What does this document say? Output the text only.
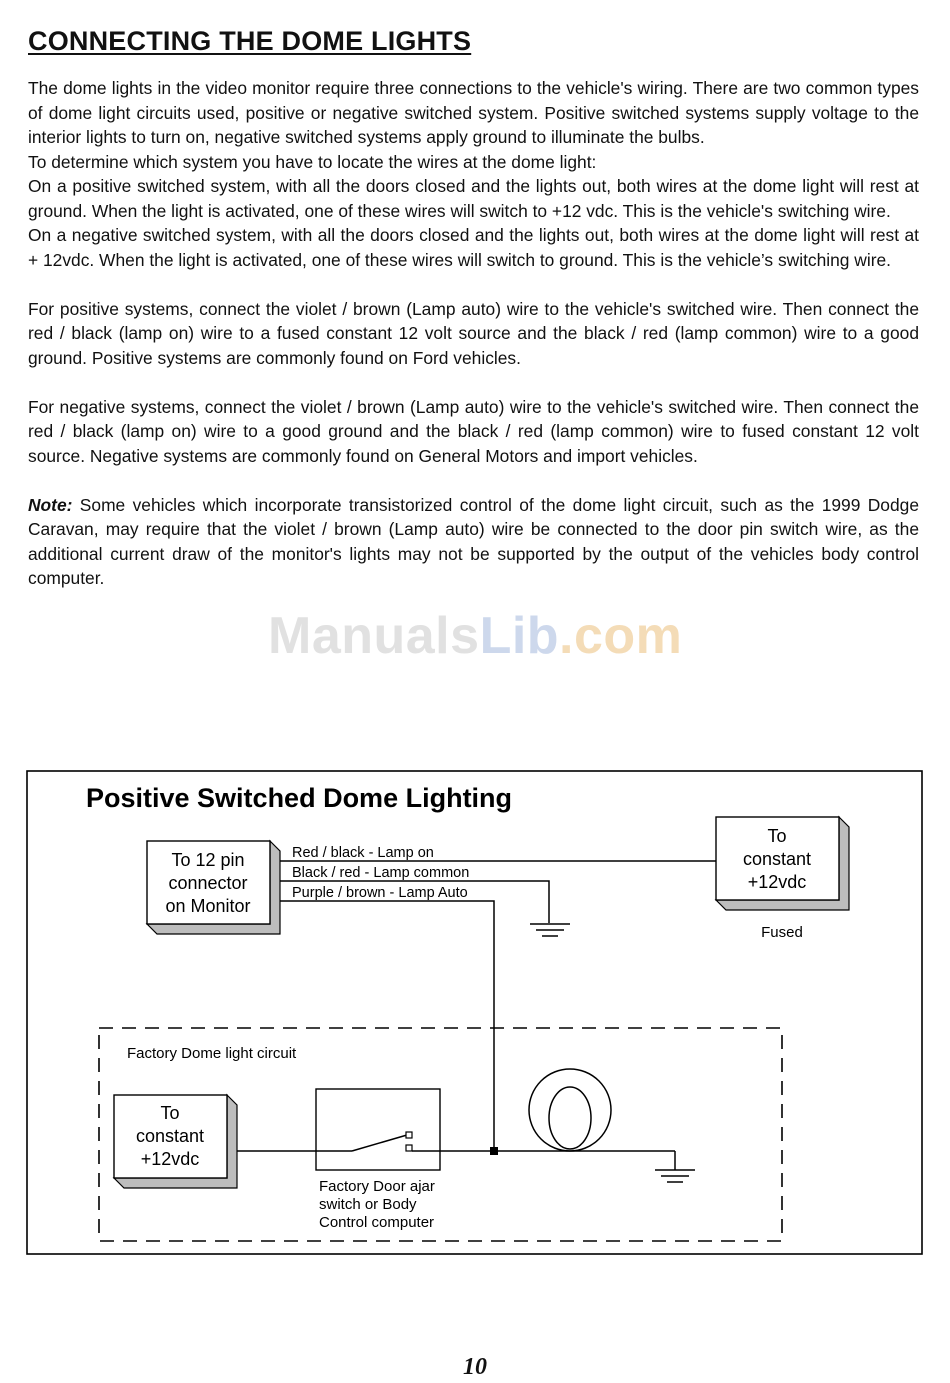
CONNECTING THE DOME LIGHTS

The dome lights in the video monitor require three connections to the vehicle's wiring. There are two common types of dome light circuits used, positive or negative switched system. Positive switched systems supply voltage to the interior lights to turn on, negative switched systems apply ground to illuminate the bulbs.

To determine which system you have to locate the wires at the dome light:

On a positive switched system, with all the doors closed and the lights out, both wires at the dome light will rest at ground. When the light is activated, one of these wires will switch to +12 vdc. This is the vehicle's switching wire.

On a negative switched system, with all the doors closed and the lights out, both wires at the dome light will rest at + 12vdc. When the light is activated, one of these wires will switch to ground. This is the vehicle’s switching wire.

For positive systems, connect the violet / brown (Lamp auto) wire to the vehicle's switched wire. Then connect the red / black (lamp on) wire to a fused constant 12 volt source and the black / red (lamp common) wire to a good ground. Positive systems are commonly found on Ford vehicles.

For negative systems, connect the violet / brown (Lamp auto) wire to the vehicle's switched wire. Then connect the red / black (lamp on) wire to a good ground and the black / red (lamp common) wire to fused constant 12 volt source. Negative systems are commonly found on General Motors and import vehicles.

Note: Some vehicles which incorporate transistorized control of the dome light circuit, such as the 1999 Dodge Caravan, may require that the violet / brown (Lamp auto) wire be connected to the door pin switch wire, as the additional current draw of the monitor's lights may not be supported by the output of the vehicles body control computer.

ManualsLib.com
Positive Switched Dome Lighting
To 12 pin
connector
on Monitor
To
constant
+12vdc
Fused
Red / black - Lamp on
Black / red - Lamp common
Purple / brown - Lamp Auto
Factory Dome light circuit
To
constant
+12vdc
Factory Door ajar
switch or Body
Control computer
10
